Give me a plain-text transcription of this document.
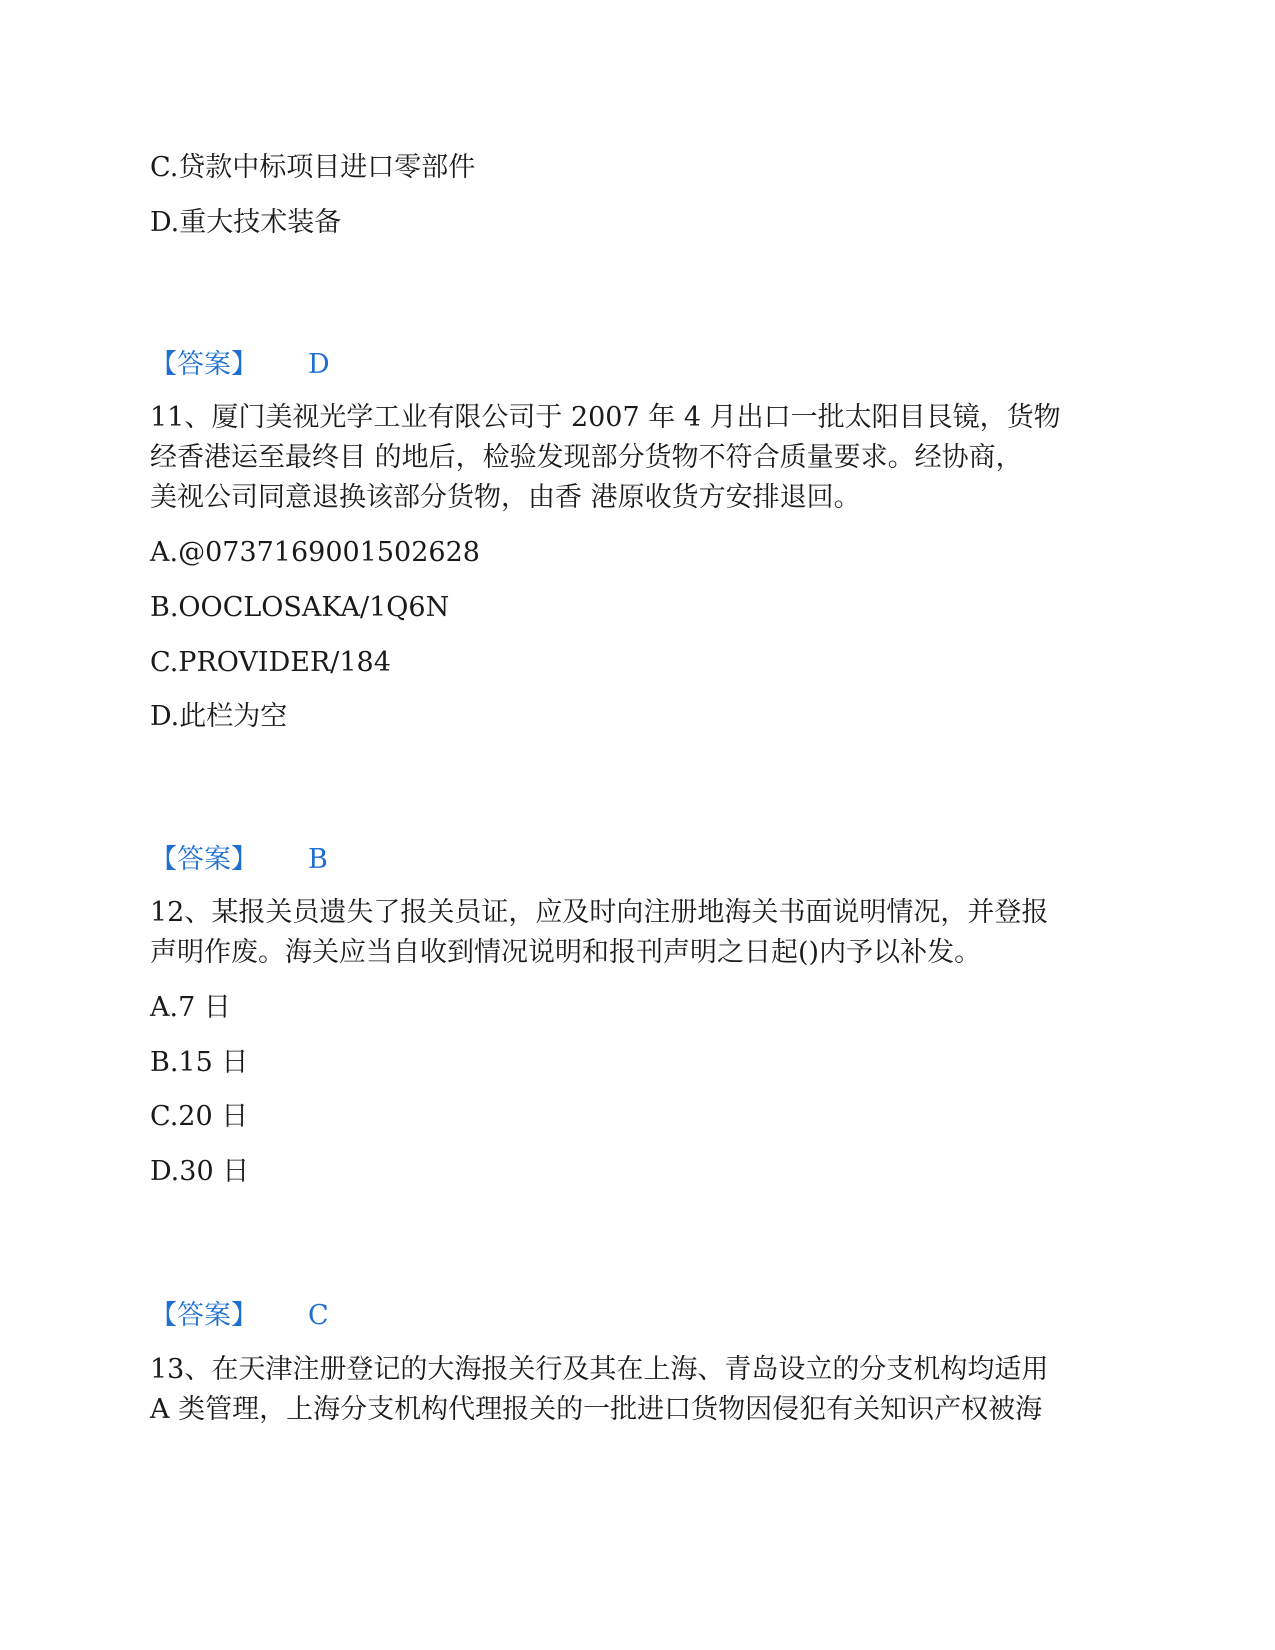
C.贷款中标项目进口零部件
D.重大技术装备
【答案】 D
11、厦门美视光学工业有限公司于 2007 年 4 月出口一批太阳目艮镜，货物
经香港运至最终目 的地后，检验发现部分货物不符合质量要求。经协商，
美视公司同意退换该部分货物，由香 港原收货方安排退回。
A.@0737169001502628
B.OOCLOSAKA/1Q6N
C.PROVIDER/184
D.此栏为空
【答案】 B
12、某报关员遗失了报关员证，应及时向注册地海关书面说明情况，并登报
声明作废。海关应当自收到情况说明和报刊声明之日起()内予以补发。
A.7 日
B.15 日
C.20 日
D.30 日
【答案】 C
13、在天津注册登记的大海报关行及其在上海、青岛设立的分支机构均适用
A 类管理，上海分支机构代理报关的一批进口货物因侵犯有关知识产权被海
